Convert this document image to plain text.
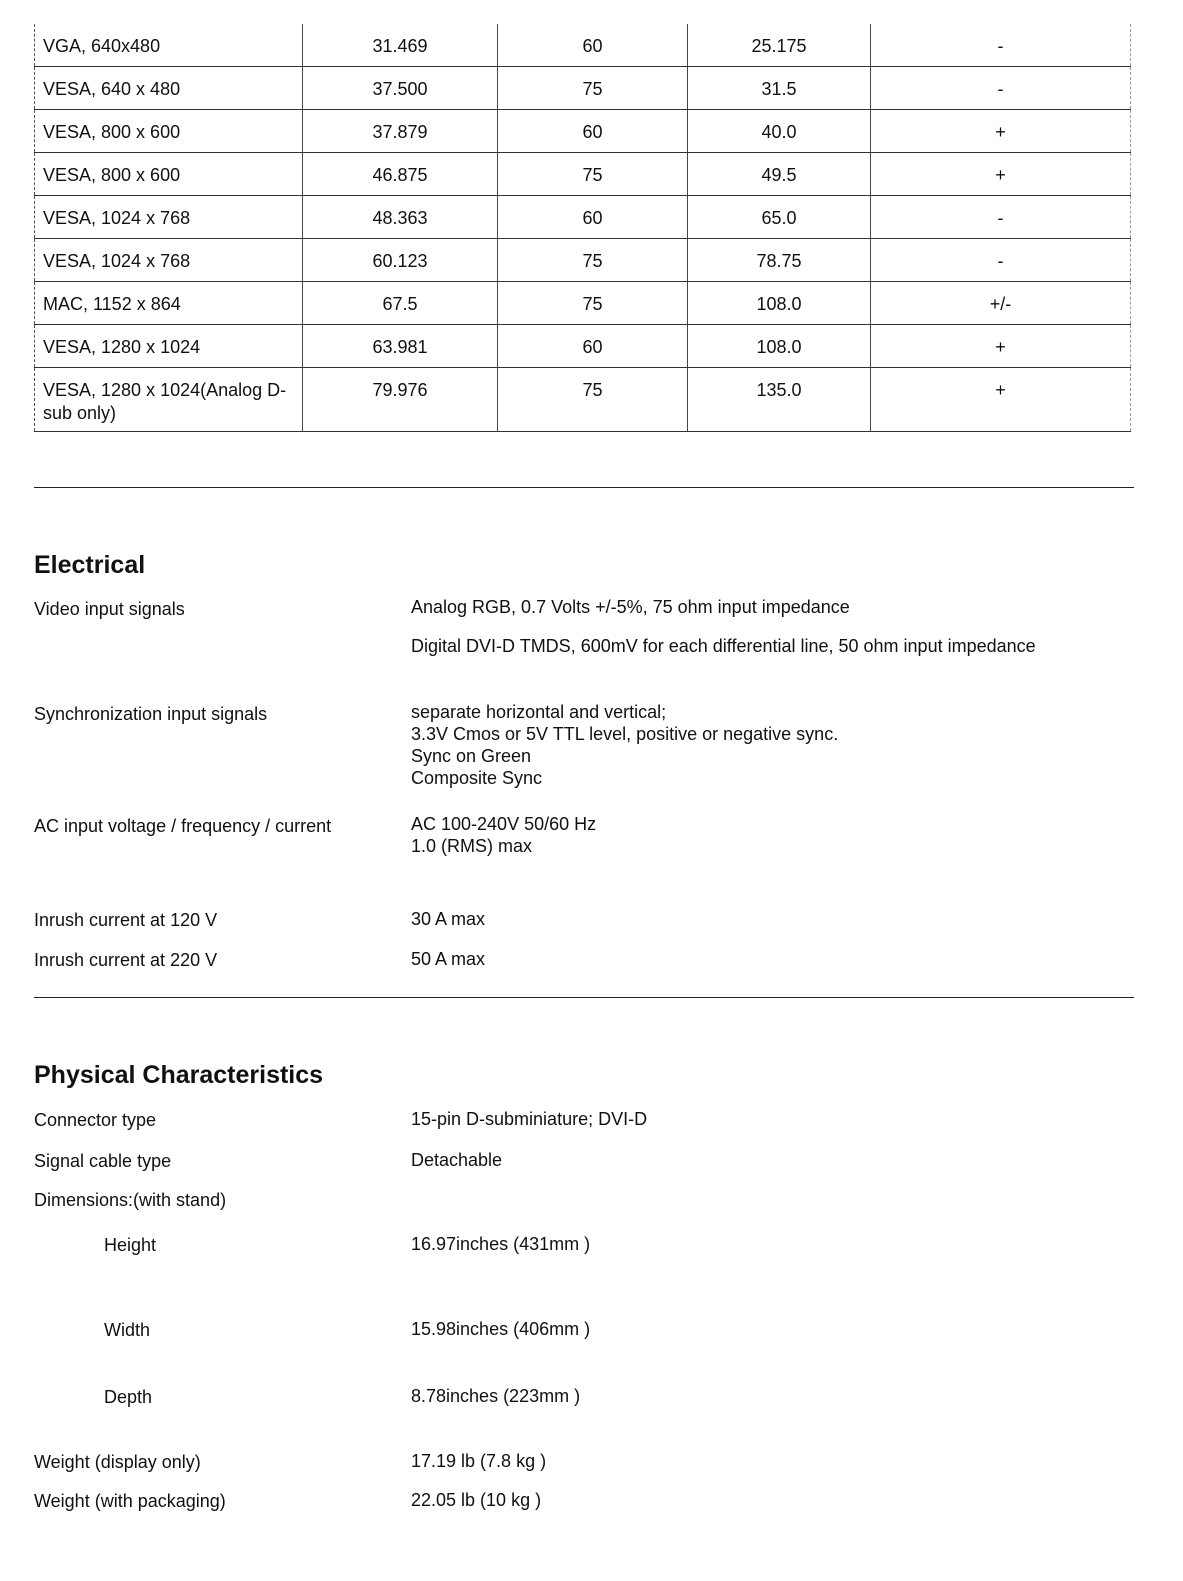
VGA, 640x480	31.469	60	25.175	-
VESA, 640 x 480	37.500	75	31.5	-
VESA, 800 x 600	37.879	60	40.0	+
VESA, 800 x 600	46.875	75	49.5	+
VESA, 1024 x 768	48.363	60	65.0	-
VESA, 1024 x 768	60.123	75	78.75	-
MAC, 1152 x 864	67.5	75	108.0	+/-
VESA, 1280 x 1024	63.981	60	108.0	+
VESA, 1280 x 1024(Analog D-sub only)	79.976	75	135.0	+
Electrical
Video input signals	Analog RGB, 0.7 Volts +/-5%, 75 ohm input impedance
Digital DVI-D TMDS, 600mV for each differential line, 50 ohm input impedance
Synchronization input signals	separate horizontal and vertical;
3.3V Cmos or 5V TTL level, positive or negative sync.
Sync on Green
Composite Sync
AC input voltage / frequency / current	AC 100-240V 50/60 Hz
1.0 (RMS) max
Inrush current at 120 V	30 A max
Inrush current at 220 V	50 A max
Physical Characteristics
Connector type	15-pin D-subminiature; DVI-D
Signal cable type	Detachable
Dimensions:(with stand)
Height	16.97inches (431mm )
Width	15.98inches (406mm )
Depth	8.78inches (223mm )
Weight (display only)	17.19 lb (7.8 kg )
Weight (with packaging)	22.05 lb (10 kg )
